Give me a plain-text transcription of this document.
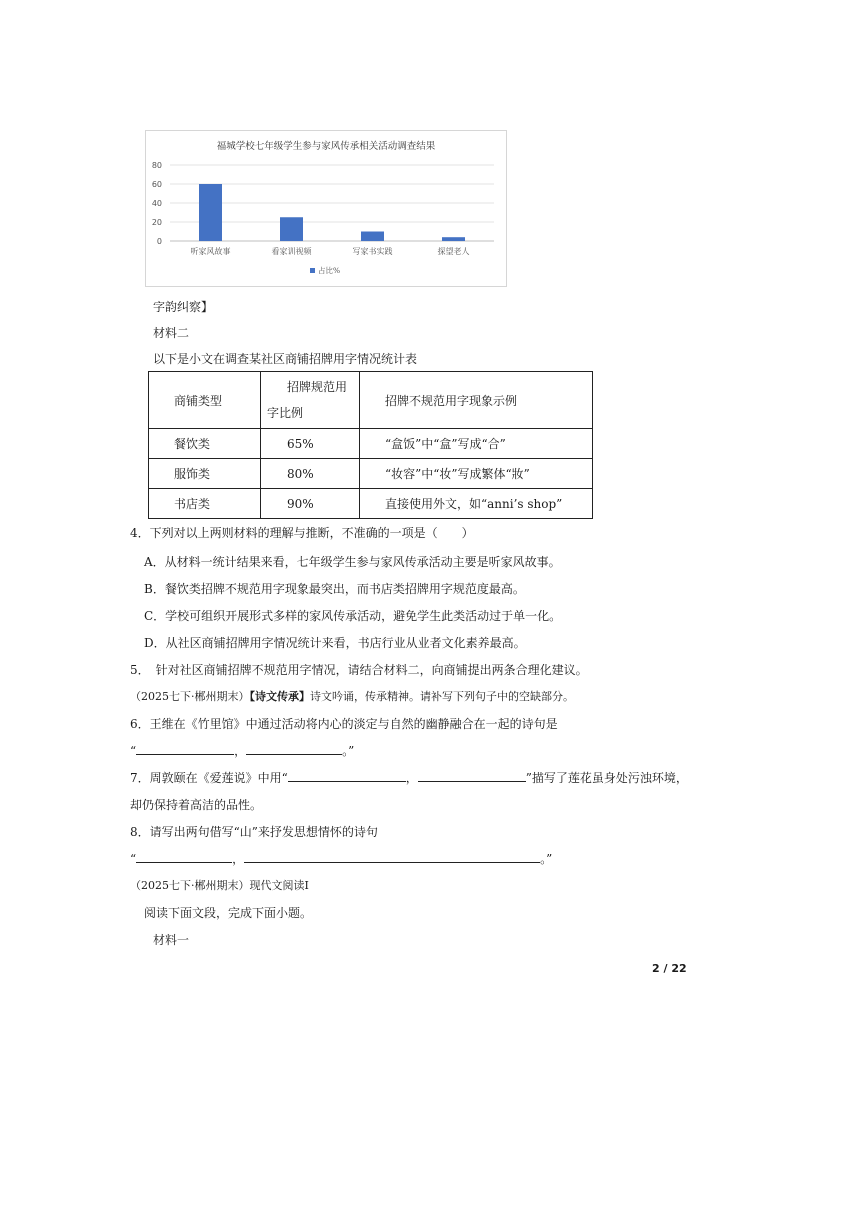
福城学校七年级学生参与家风传承相关活动调查结果
80
60
40
20
0
听家风故事	看家训视频	写家书实践	探望老人
占比%
字韵纠察】
材料二
以下是小文在调查某社区商铺招牌用字情况统计表
商铺类型	招牌规范用字比例	招牌不规范用字现象示例
餐饮类	65%	“盒饭”中“盒”写成“合”
服饰类	80%	“妆容”中“妆”写成繁体“妝”
书店类	90%	直接使用外文，如“anni’s shop”
4．下列对以上两则材料的理解与推断，不准确的一项是（　　）
A．从材料一统计结果来看，七年级学生参与家风传承活动主要是听家风故事。
B．餐饮类招牌不规范用字现象最突出，而书店类招牌用字规范度最高。
C．学校可组织开展形式多样的家风传承活动，避免学生此类活动过于单一化。
D．从社区商铺招牌用字情况统计来看，书店行业从业者文化素养最高。
5．　针对社区商铺招牌不规范用字情况，请结合材料二，向商铺提出两条合理化建议。
（2025七下·郴州期末）【诗文传承】诗文吟诵，传承精神。请补写下列句子中的空缺部分。
6．王维在《竹里馆》中通过活动将内心的淡定与自然的幽静融合在一起的诗句是
“	，	。”
7．周敦颐在《爱莲说》中用“	，	”描写了莲花虽身处污浊环境，
却仍保持着高洁的品性。
8．请写出两句借写“山”来抒发思想情怀的诗句
“	，	。”
（2025七下·郴州期末）现代文阅读Ⅰ
阅读下面文段，完成下面小题。
材料一
2 / 22
